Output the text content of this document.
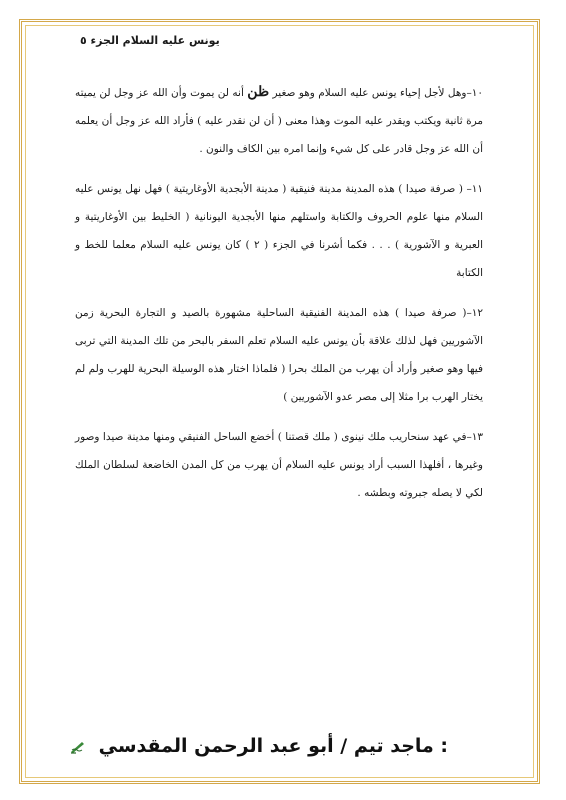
يونس عليه السلام الجزء ٥

١٠–وهل لأجل إحياء يونس عليه السلام وهو صغير ظن أنه لن يموت وأن الله عز وجل لن يميته مرة ثانية ويكتب ويقدر عليه الموت وهذا معنى ( أن لن نقدر عليه ) فأراد الله عز وجل أن يعلمه أن الله عز وجل قادر على كل شيء وإنما امره بين الكاف والنون .

١١– ( صرفة صيدا ) هذه المدينة مدينة فنيقية ( مدينة الأبجدية الأوغاريتية ) فهل نهل يونس عليه السلام منها علوم الحروف والكتابة واستلهم منها الأبجدية اليونانية ( الخليط بين الأوغاريتية و العبرية و الآشورية ) . . . فكما أشرنا في الجزء ( ٢ ) كان يونس عليه السلام معلما للخط و الكتابة

١٢–( صرفة صيدا ) هذه المدينة الفنيقية الساحلية مشهورة بالصيد و التجارة البحرية زمن الآشوريين فهل لذلك علاقة بأن يونس عليه السلام تعلم السفر بالبحر من تلك المدينة التي تربى فيها وهو صغير وأراد أن يهرب من الملك بحرا ( فلماذا اختار هذه الوسيلة البحرية للهرب ولم لم يختار الهرب برا مثلا إلى مصر عدو الآشوريين )

١٣–في عهد سنحاريب ملك نينوى ( ملك قصتنا ) أخضع الساحل الفنيقي ومنها مدينة صيدا وصور وغيرها ، أفلهذا السبب أراد يونس عليه السلام أن يهرب من كل المدن الخاضعة لسلطان الملك لكي لا يصله جبروته وبطشه .

: ماجد تيم / أبو عبد الرحمن المقدسي
